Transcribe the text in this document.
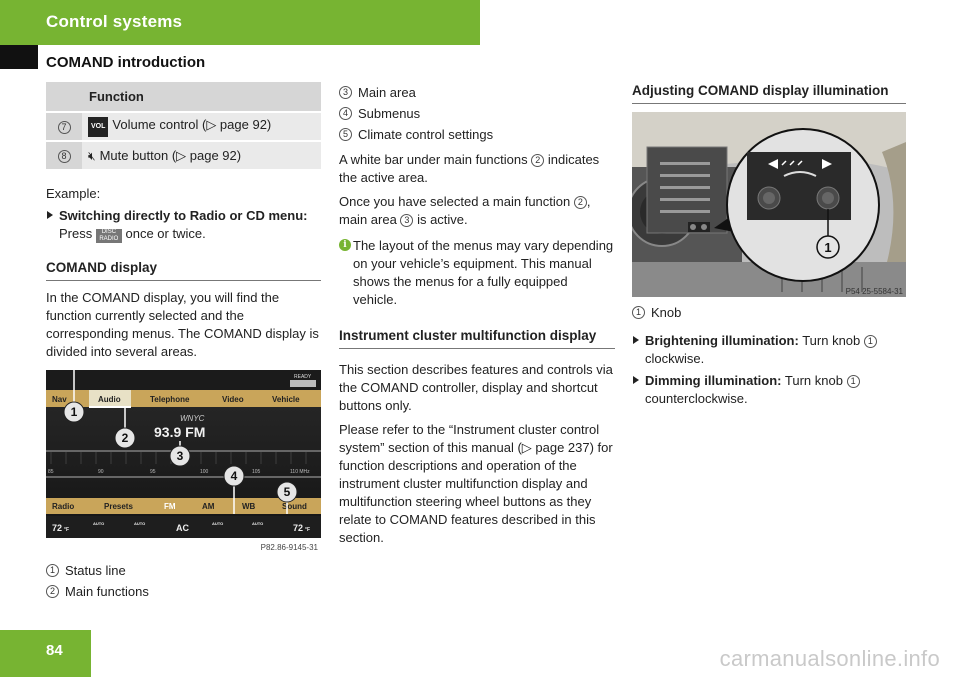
Control systems
COMAND introduction
Function	
7	VOL Volume control (▷ page 92)
8	🔇︎ Mute button (▷ page 92)

Example:

Switching directly to Radio or CD menu: Press DISC
RADIO once or twice.
COMAND display

In the COMAND display, you will find the function currently selected and the corresponding menus. The COMAND display is divided into several areas.

READY
Nav	Audio	Telephone	Video	Vehicle
WNYC
93.9 FM
85	90	95	100	105	110 MHz
Radio	Presets	FM	AM	WB	Sound
72 °F
AUTO	AUTO	AC	AUTO	AUTO	72 °F
1
2
3
4
5
P82.86-9145-31
1 Status line
2 Main functions
3 Main area
4 Submenus
5 Climate control settings

A white bar under main functions 2 indicates the active area.

Once you have selected a main function 2 , main area 3 is active.

i The layout of the menus may vary depending on your vehicle’s equipment. This manual shows the menus for a fully equipped vehicle.
Instrument cluster multifunction display

This section describes features and controls via the COMAND controller, display and shortcut buttons only.

Please refer to the “Instrument cluster control system” section of this manual (▷ page 237) for function descriptions and operation of the instrument cluster multifunction display and multifunction steering wheel buttons as they relate to COMAND features described in this section.

Adjusting COMAND display illumination
1
P54 25-5584-31
1 Knob
Brightening illumination: Turn knob 1 clockwise.
Dimming illumination: Turn knob 1 counterclockwise.
84	carmanualsonline.info
